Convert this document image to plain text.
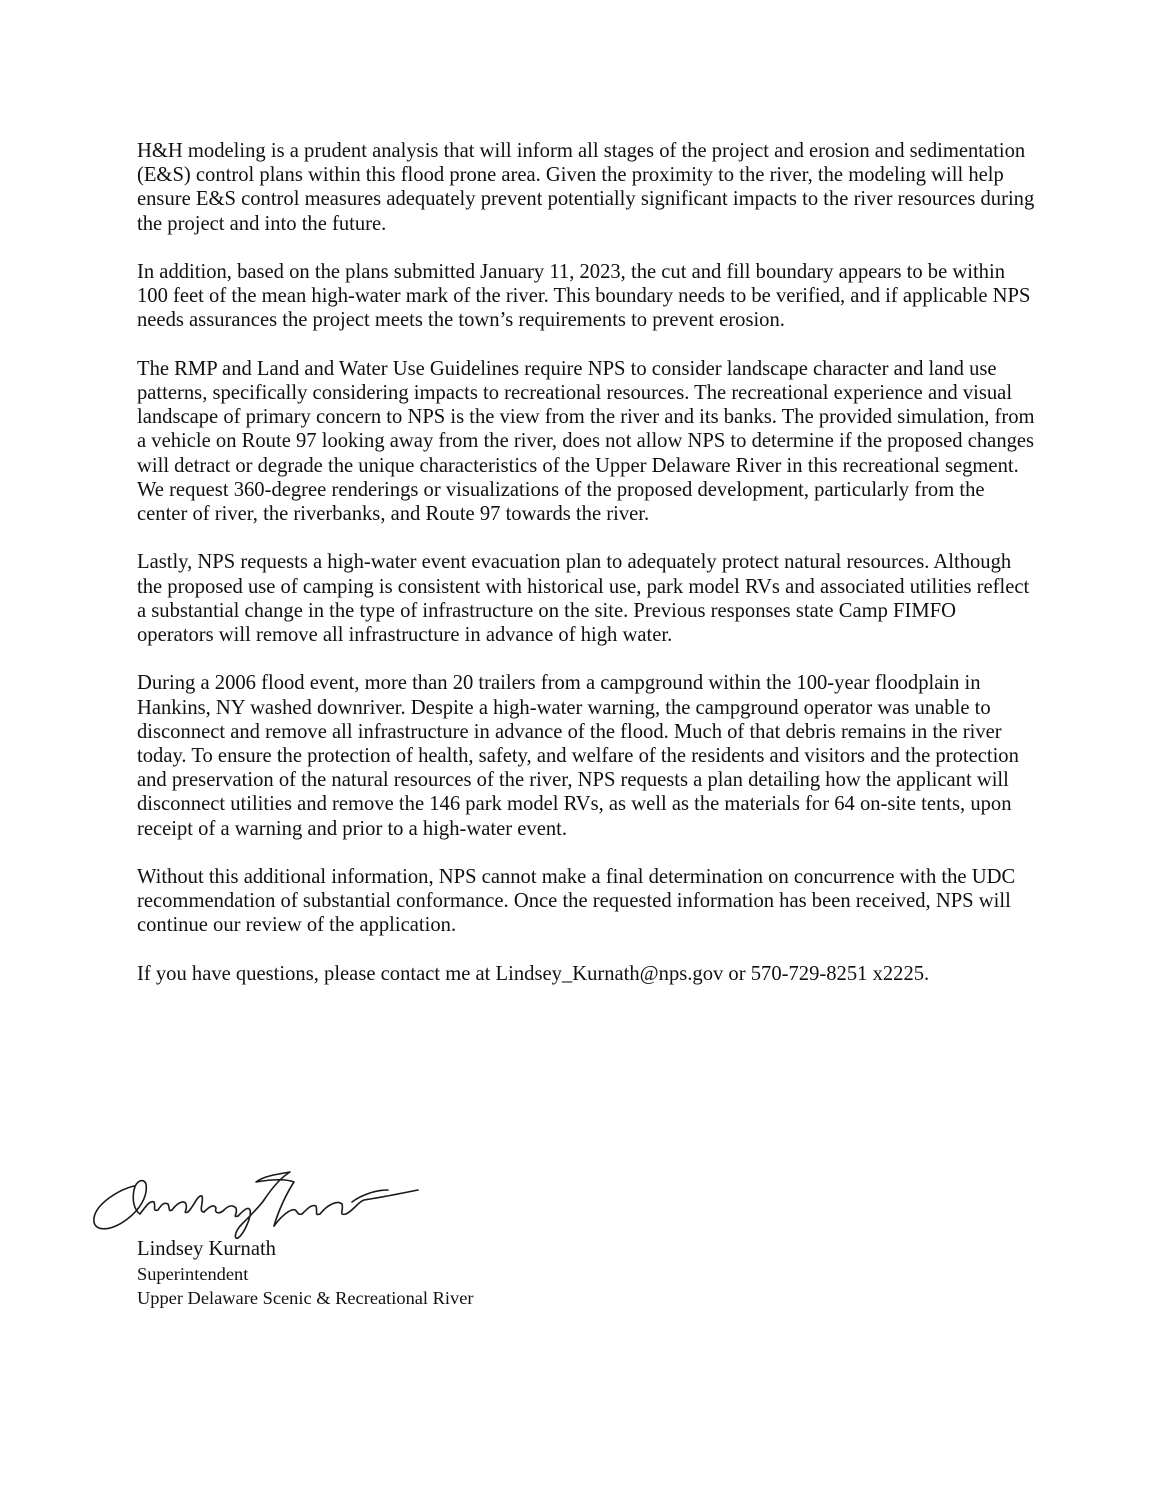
H&H modeling is a prudent analysis that will inform all stages of the project and erosion and sedimentation (E&S) control plans within this flood prone area. Given the proximity to the river, the modeling will help ensure E&S control measures adequately prevent potentially significant impacts to the river resources during the project and into the future.

In addition, based on the plans submitted January 11, 2023, the cut and fill boundary appears to be within 100 feet of the mean high-water mark of the river. This boundary needs to be verified, and if applicable NPS needs assurances the project meets the town’s requirements to prevent erosion.

The RMP and Land and Water Use Guidelines require NPS to consider landscape character and land use patterns, specifically considering impacts to recreational resources. The recreational experience and visual landscape of primary concern to NPS is the view from the river and its banks. The provided simulation, from a vehicle on Route 97 looking away from the river, does not allow NPS to determine if the proposed changes will detract or degrade the unique characteristics of the Upper Delaware River in this recreational segment. We request 360-degree renderings or visualizations of the proposed development, particularly from the center of river, the riverbanks, and Route 97 towards the river.

Lastly, NPS requests a high-water event evacuation plan to adequately protect natural resources. Although the proposed use of camping is consistent with historical use, park model RVs and associated utilities reflect a substantial change in the type of infrastructure on the site. Previous responses state Camp FIMFO operators will remove all infrastructure in advance of high water.

During a 2006 flood event, more than 20 trailers from a campground within the 100-year floodplain in Hankins, NY washed downriver. Despite a high-water warning, the campground operator was unable to disconnect and remove all infrastructure in advance of the flood. Much of that debris remains in the river today. To ensure the protection of health, safety, and welfare of the residents and visitors and the protection and preservation of the natural resources of the river, NPS requests a plan detailing how the applicant will disconnect utilities and remove the 146 park model RVs, as well as the materials for 64 on-site tents, upon receipt of a warning and prior to a high-water event.

Without this additional information, NPS cannot make a final determination on concurrence with the UDC recommendation of substantial conformance. Once the requested information has been received, NPS will continue our review of the application.

If you have questions, please contact me at Lindsey_Kurnath@nps.gov or 570-729-8251 x2225.

Lindsey Kurnath
Superintendent
Upper Delaware Scenic & Recreational River
